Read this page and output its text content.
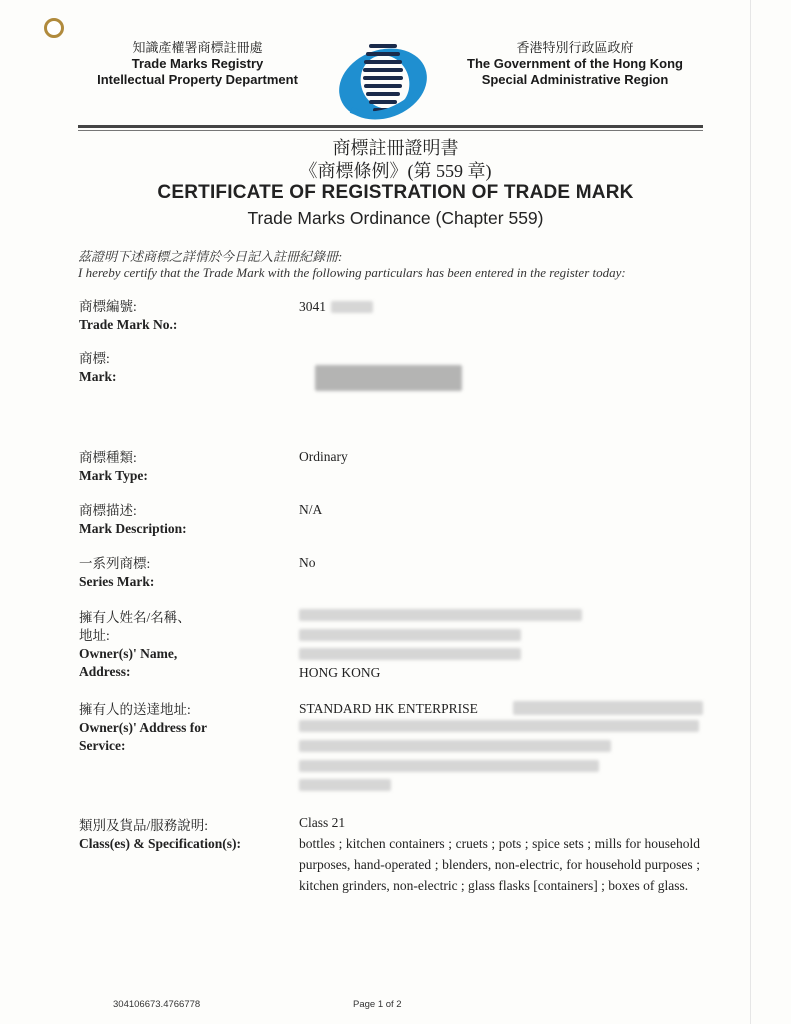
知識產權署商標註冊處
Trade Marks Registry
Intellectual Property Department
香港特別行政區政府
The Government of the Hong Kong
Special Administrative Region
商標註冊證明書
《商標條例》(第 559 章)
CERTIFICATE OF REGISTRATION OF TRADE MARK
Trade Marks Ordinance (Chapter 559)
茲證明下述商標之詳情於今日記入註冊紀錄冊:
I hereby certify that the Trade Mark with the following particulars has been entered in the register today:
商標編號:
Trade Mark No.:
3041
商標:
Mark:
商標種類:
Mark Type:
Ordinary
商標描述:
Mark Description:
N/A
一系列商標:
Series Mark:
No
擁有人姓名/名稱、
地址:
Owner(s)' Name,
Address:	HONG KONG
擁有人的送達地址:
Owner(s)' Address for
Service:
STANDARD HK ENTERPRISE
類別及貨品/服務說明:
Class(es) & Specification(s):
Class 21
bottles ; kitchen containers ; cruets ; pots ; spice sets ; mills for household purposes, hand-operated ; blenders, non-electric, for household purposes ; kitchen grinders, non-electric ; glass flasks [containers] ; boxes of glass.
304106673.4766778	Page 1 of 2
